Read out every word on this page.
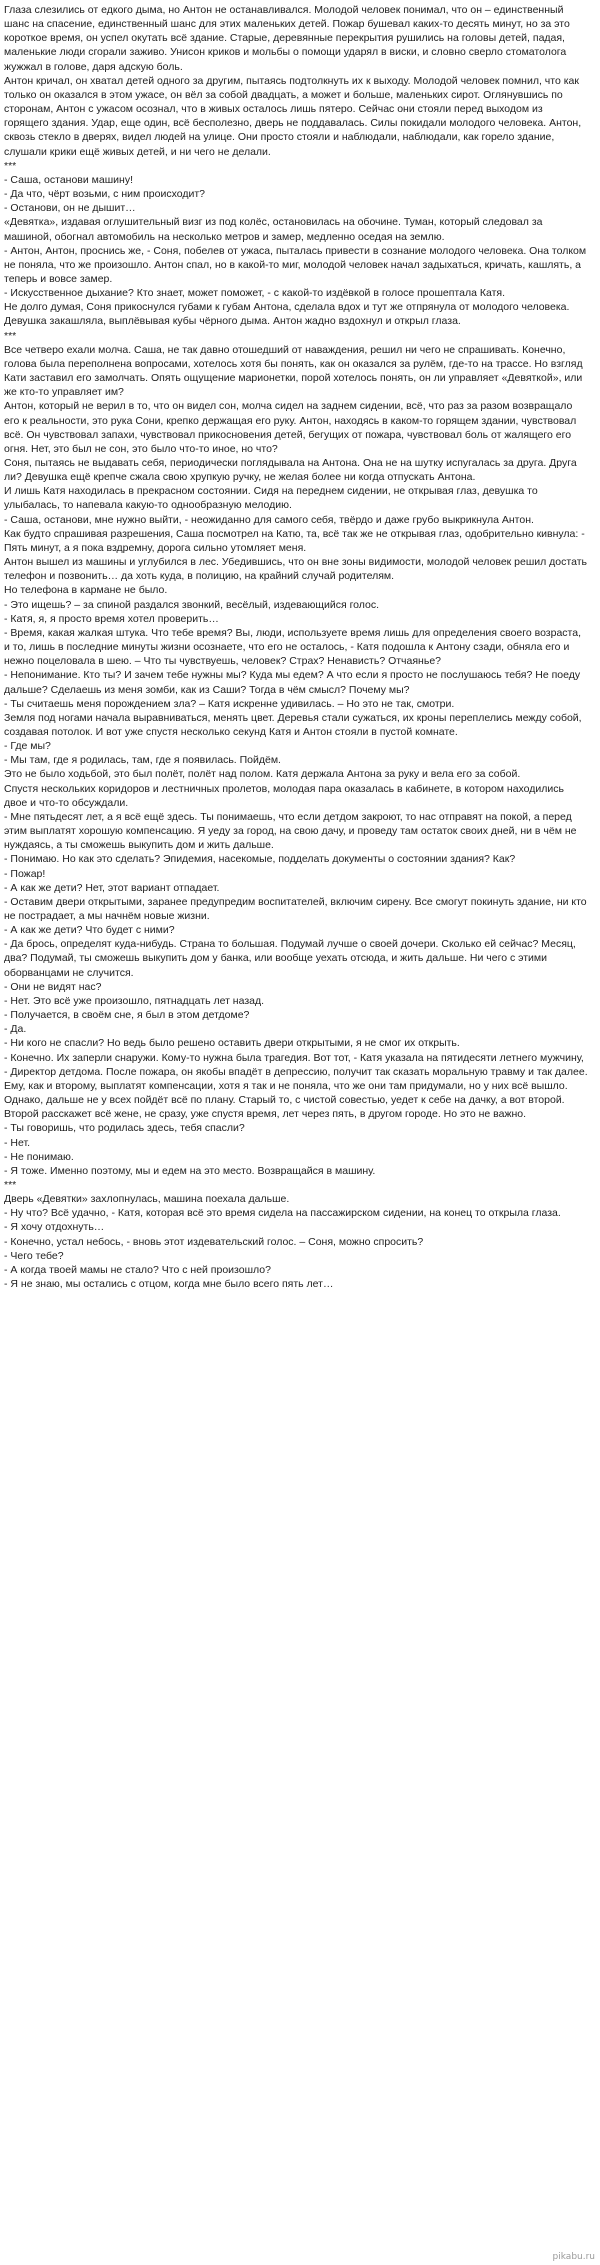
Глаза слезились от едкого дыма, но Антон не останавливался. Молодой человек понимал, что он – единственный шанс на спасение, единственный шанс для этих маленьких детей. Пожар бушевал каких-то десять минут, но за это короткое время, он успел окутать всё здание. Старые, деревянные перекрытия рушились на головы детей, падая, маленькие люди сгорали заживо. Унисон криков и мольбы о помощи ударял в виски, и словно сверло стоматолога жужжал в голове, даря адскую боль.

Антон кричал, он хватал детей одного за другим, пытаясь подтолкнуть их к выходу. Молодой человек помнил, что как только он оказался в этом ужасе, он вёл за собой двадцать, а может и больше, маленьких сирот. Оглянувшись по сторонам, Антон с ужасом осознал, что в живых осталось лишь пятеро. Сейчас они стояли перед выходом из горящего здания. Удар, еще один, всё бесполезно, дверь не поддавалась. Силы покидали молодого человека. Антон, сквозь стекло в дверях, видел людей на улице. Они просто стояли и наблюдали, наблюдали, как горело здание, слушали крики ещё живых детей, и ни чего не делали.

***

- Саша, останови машину!

- Да что, чёрт возьми, с ним происходит?

- Останови, он не дышит…

«Девятка», издавая оглушительный визг из под колёс, остановилась на обочине. Туман, который следовал за машиной, обогнал автомобиль на несколько метров и замер, медленно оседая на землю.

- Антон, Антон, проснись же, - Соня, побелев от ужаса, пыталась привести в сознание молодого человека. Она толком не поняла, что же произошло. Антон спал, но в какой-то миг, молодой человек начал задыхаться, кричать, кашлять, а теперь и вовсе замер.

- Искусственное дыхание? Кто знает, может поможет, - с какой-то издёвкой в голосе прошептала Катя.

Не долго думая, Соня прикоснулся губами к губам Антона, сделала вдох и тут же отпрянула от молодого человека. Девушка закашляла, выплёвывая кубы чёрного дыма. Антон жадно вздохнул и открыл глаза.

***

Все четверо ехали молча. Саша, не так давно отошедший от наваждения, решил ни чего не спрашивать. Конечно, голова была переполнена вопросами, хотелось хотя бы понять, как он оказался за рулём, где-то на трассе. Но взгляд Кати заставил его замолчать. Опять ощущение марионетки, порой хотелось понять, он ли управляет «Девяткой», или же кто-то управляет им?

Антон, который не верил в то, что он видел сон, молча сидел на заднем сидении, всё, что раз за разом возвращало его к реальности, это рука Сони, крепко держащая его руку. Антон, находясь в каком-то горящем здании, чувствовал всё. Он чувствовал запахи, чувствовал прикосновения детей, бегущих от пожара, чувствовал боль от жалящего его огня. Нет, это был не сон, это было что-то иное, но что?

Соня, пытаясь не выдавать себя, периодически поглядывала на Антона. Она не на шутку испугалась за друга. Друга ли? Девушка ещё крепче сжала свою хрупкую ручку, не желая более ни когда отпускать Антона.

И лишь Катя находилась в прекрасном состоянии. Сидя на переднем сидении, не открывая глаз, девушка то улыбалась, то напевала какую-то однообразную мелодию.

- Саша, останови, мне нужно выйти, - неожиданно для самого себя, твёрдо и даже грубо выкрикнула Антон.

Как будто спрашивая разрешения, Саша посмотрел на Катю, та, всё так же не открывая глаз, одобрительно кивнула: - Пять минут, а я пока вздремну, дорога сильно утомляет меня.

Антон вышел из машины и углубился в лес. Убедившись, что он вне зоны видимости, молодой человек решил достать телефон и позвонить… да хоть куда, в полицию, на крайний случай родителям.

Но телефона в кармане не было.

- Это ищешь? – за спиной раздался звонкий, весёлый, издевающийся голос.

- Катя, я, я просто время хотел проверить…

- Время, какая жалкая штука. Что тебе время? Вы, люди, используете время лишь для определения своего возраста, и то, лишь в последние минуты жизни осознаете, что его не осталось, - Катя подошла к Антону сзади, обняла его и нежно поцеловала в шею. – Что ты чувствуешь, человек? Страх? Ненависть? Отчаянье?

- Непонимание. Кто ты? И зачем тебе нужны мы? Куда мы едем? А что если я просто не послушаюсь тебя? Не поеду дальше? Сделаешь из меня зомби, как из Саши? Тогда в чём смысл? Почему мы?

- Ты считаешь меня порождением зла? – Катя искренне удивилась. – Но это не так, смотри.

Земля под ногами начала выравниваться, менять цвет. Деревья стали сужаться, их кроны переплелись между собой, создавая потолок. И вот уже спустя несколько секунд Катя и Антон стояли в пустой комнате.

- Где мы?

- Мы там, где я родилась, там, где я появилась. Пойдём.

Это не было ходьбой, это был полёт, полёт над полом. Катя держала Антона за руку и вела его за собой.

Спустя нескольких коридоров и лестничных пролетов, молодая пара оказалась в кабинете, в котором находились двое и что-то обсуждали.

- Мне пятьдесят лет, а я всё ещё здесь. Ты понимаешь, что если детдом закроют, то нас отправят на покой, а перед этим выплатят хорошую компенсацию. Я уеду за город, на свою дачу, и проведу там остаток своих дней, ни в чём не нуждаясь, а ты сможешь выкупить дом и жить дальше.

- Понимаю. Но как это сделать? Эпидемия, насекомые, подделать документы о состоянии здания? Как?

- Пожар!

- А как же дети? Нет, этот вариант отпадает.

- Оставим двери открытыми, заранее предупредим воспитателей, включим сирену. Все смогут покинуть здание, ни кто не пострадает, а мы начнём новые жизни.

- А как же дети? Что будет с ними?

- Да брось, определят куда-нибудь. Страна то большая. Подумай лучше о своей дочери. Сколько ей сейчас? Месяц, два? Подумай, ты сможешь выкупить дом у банка, или вообще уехать отсюда, и жить дальше. Ни чего с этими оборванцами не случится.

- Они не видят нас?

- Нет. Это всё уже произошло, пятнадцать лет назад.

- Получается, в своём сне, я был в этом детдоме?

- Да.

- Ни кого не спасли? Но ведь было решено оставить двери открытыми, я не смог их открыть.

- Конечно. Их заперли снаружи. Кому-то нужна была трагедия. Вот тот, - Катя указала на пятидесяти летнего мужчину, - Директор детдома. После пожара, он якобы впадёт в депрессию, получит так сказать моральную травму и так далее. Ему, как и второму, выплатят компенсации, хотя я так и не поняла, что же они там придумали, но у них всё вышло. Однако, дальше не у всех пойдёт всё по плану. Старый то, с чистой совестью, уедет к себе на дачку, а вот второй. Второй расскажет всё жене, не сразу, уже спустя время, лет через пять, в другом городе. Но это не важно.

- Ты говоришь, что родилась здесь, тебя спасли?

- Нет.

- Не понимаю.

- Я тоже. Именно поэтому, мы и едем на это место. Возвращайся в машину.

***

Дверь «Девятки» захлопнулась, машина поехала дальше.

- Ну что? Всё удачно, - Катя, которая всё это время сидела на пассажирском сидении, на конец то открыла глаза.

- Я хочу отдохнуть…

- Конечно, устал небось, - вновь этот издевательский голос. – Соня, можно спросить?

- Чего тебе?

- А когда твоей мамы не стало? Что с ней произошло?

- Я не знаю, мы остались с отцом, когда мне было всего пять лет…

pikabu.ru
